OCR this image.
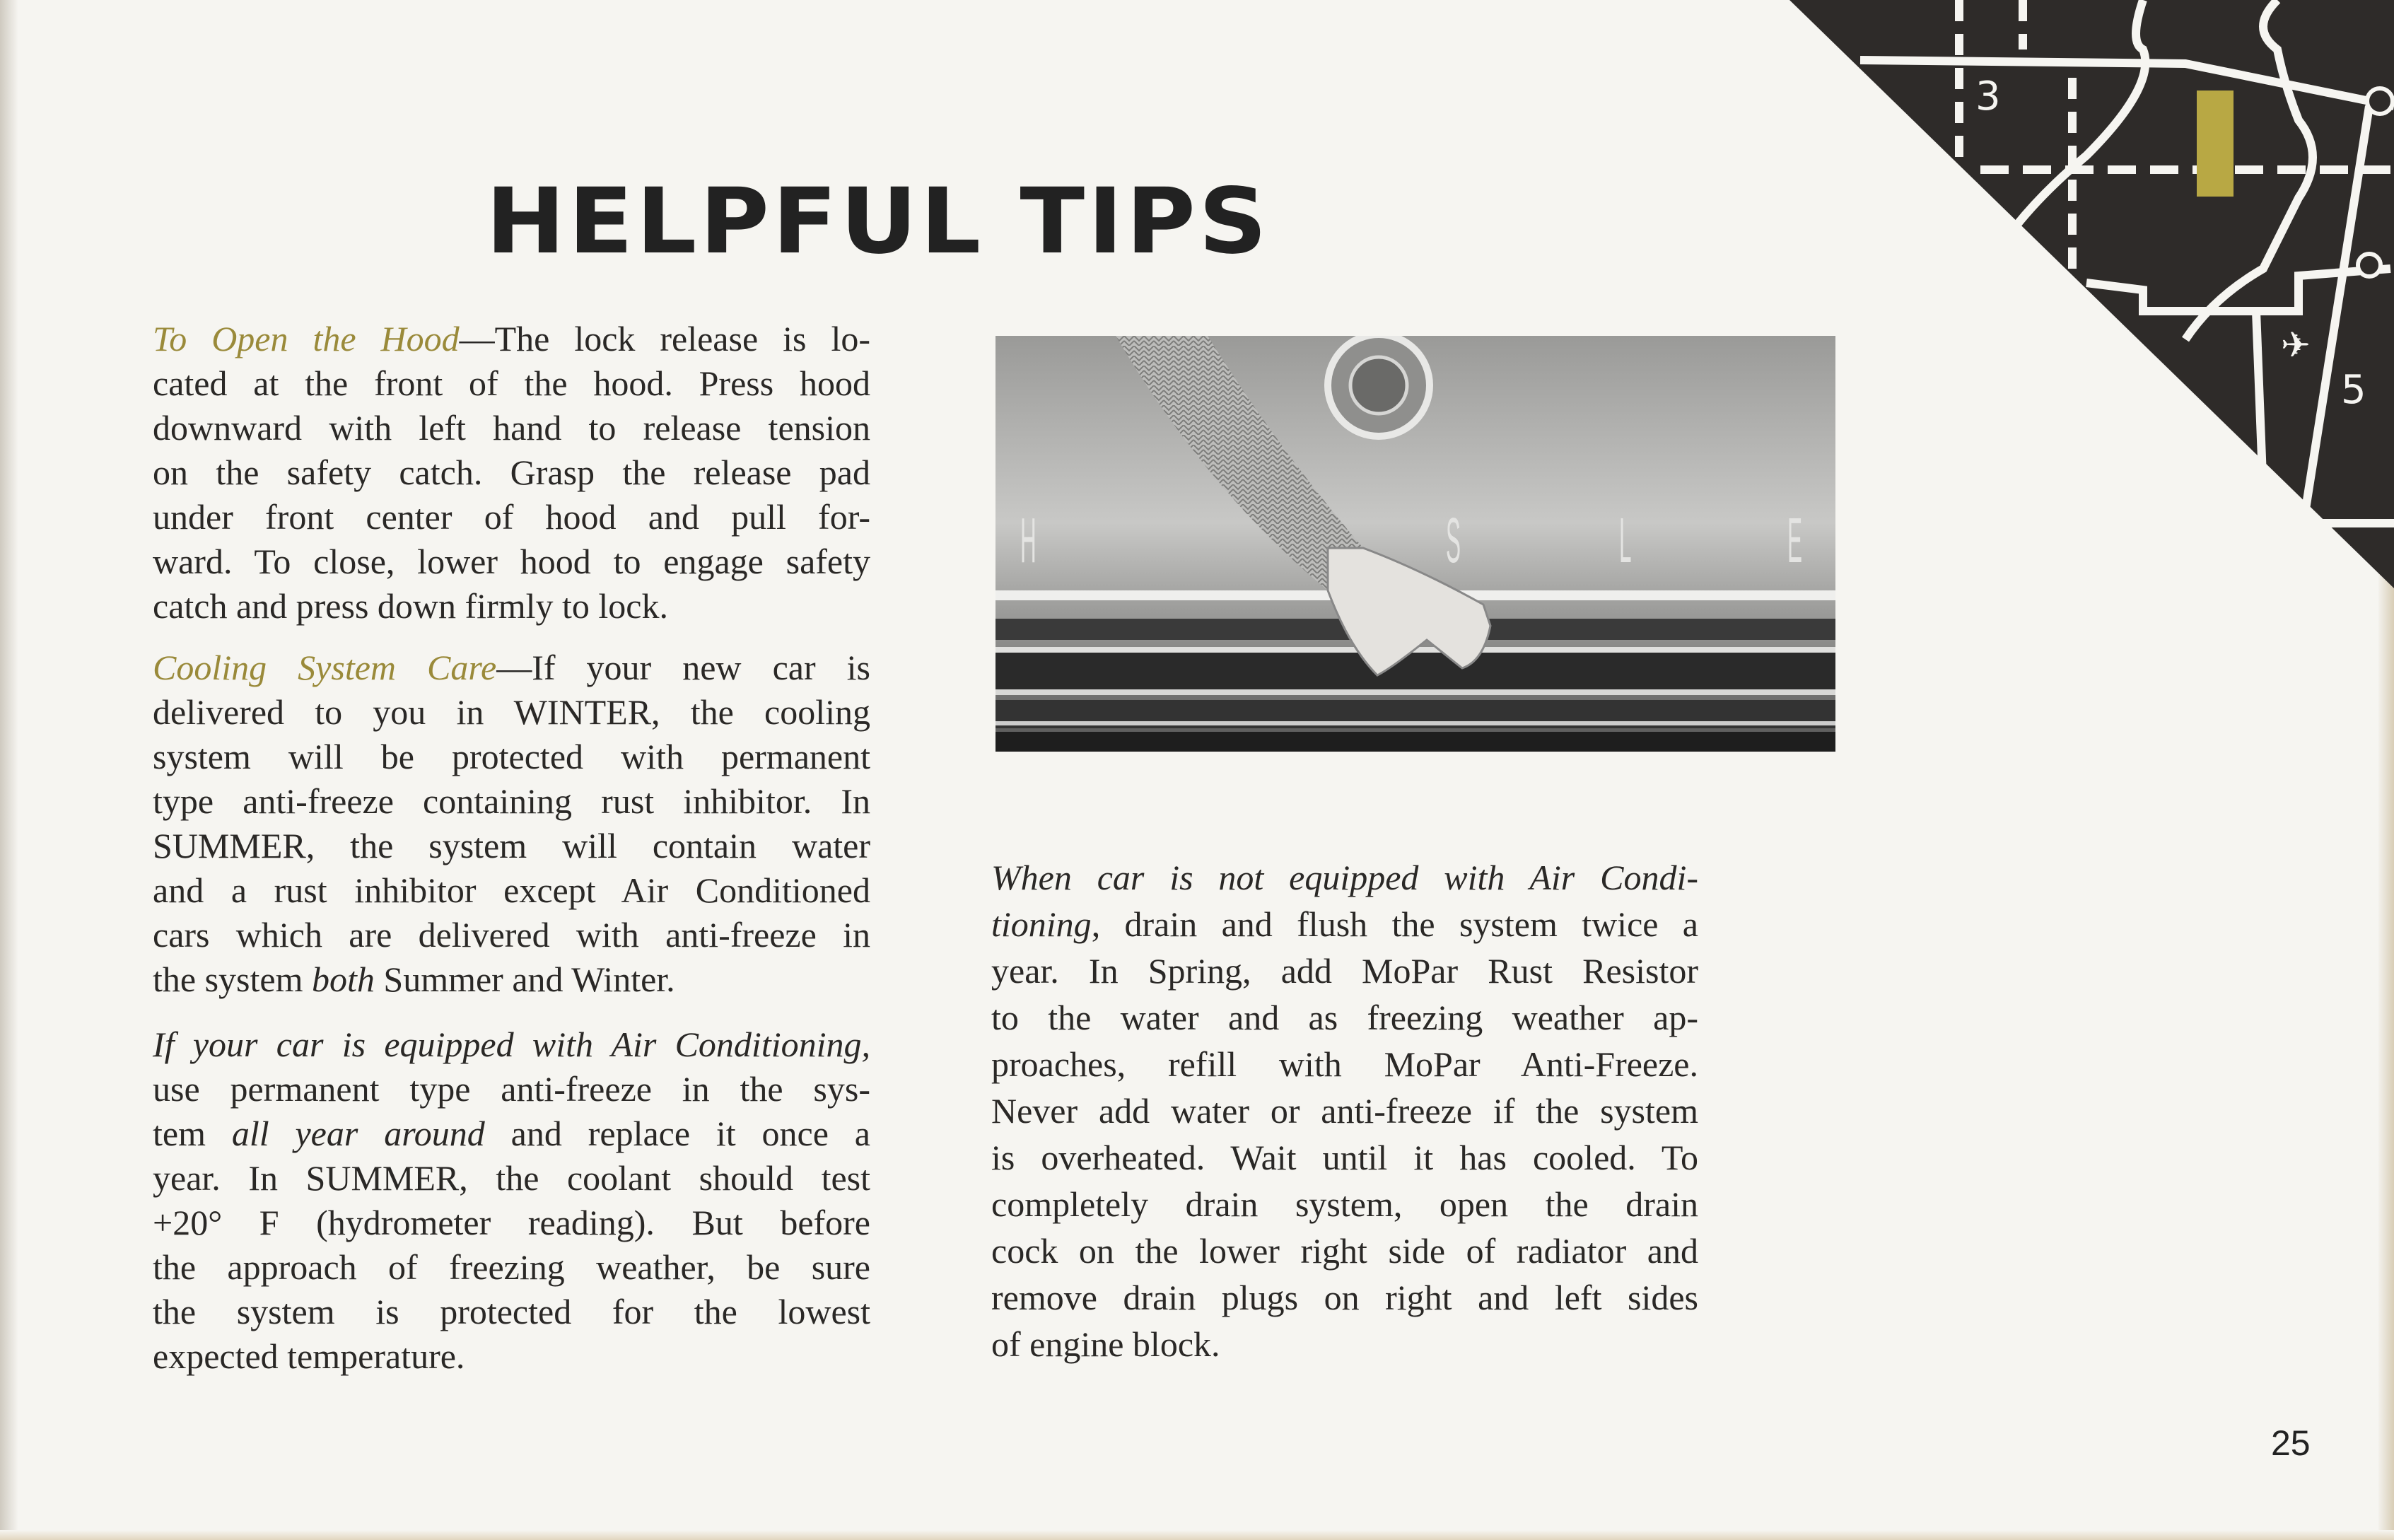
HELPFUL TIPS
To Open the Hood—The lock release is lo-
cated at the front of the hood. Press hood
downward with left hand to release tension
on the safety catch. Grasp the release pad
under front center of hood and pull for-
ward. To close, lower hood to engage safety
catch and press down firmly to lock.
Cooling System Care—If your new car is
delivered to you in WINTER, the cooling
system will be protected with permanent
type anti-freeze containing rust inhibitor. In
SUMMER, the system will contain water
and a rust inhibitor except Air Conditioned
cars which are delivered with anti-freeze in
the system both Summer and Winter.
If your car is equipped with Air Conditioning,
use permanent type anti-freeze in the sys-
tem all year around and replace it once a
year. In SUMMER, the coolant should test
+20° F (hydrometer reading). But before
the approach of freezing weather, be sure
the system is protected for the lowest
expected temperature.
When car is not equipped with Air Condi-
tioning, drain and flush the system twice a
year. In Spring, add MoPar Rust Resistor
to the water and as freezing weather ap-
proaches, refill with MoPar Anti-Freeze.
Never add water or anti-freeze if the system
is overheated. Wait until it has cooled. To
completely drain system, open the drain
cock on the lower right side of radiator and
remove drain plugs on right and left sides
of engine block.
H	S L E
3
5
✈
25
